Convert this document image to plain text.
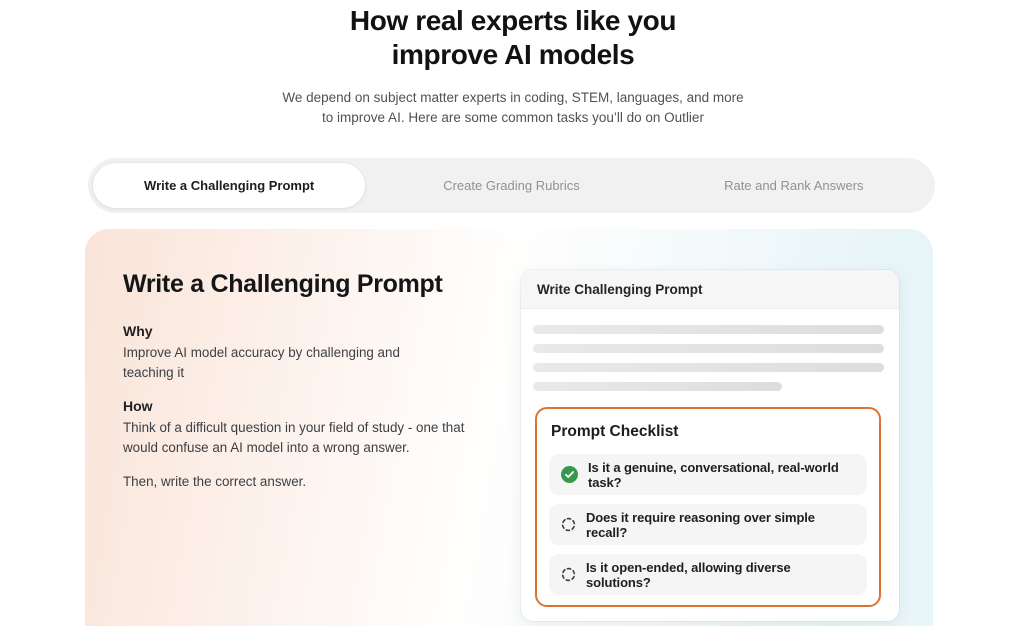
How real experts like you
improve AI models
We depend on subject matter experts in coding, STEM, languages, and more
to improve AI. Here are some common tasks you’ll do on Outlier
Write a Challenging Prompt	Create Grading Rubrics	Rate and Rank Answers
Write a Challenging Prompt
Why

Improve AI model accuracy by challenging and teaching it

How

Think of a difficult question in your field of study - one that would confuse an AI model into a wrong answer.

Then, write the correct answer.

Write Challenging Prompt
Prompt Checklist
Is it a genuine, conversational, real-world task?
Does it require reasoning over simple recall?
Is it open-ended, allowing diverse solutions?
